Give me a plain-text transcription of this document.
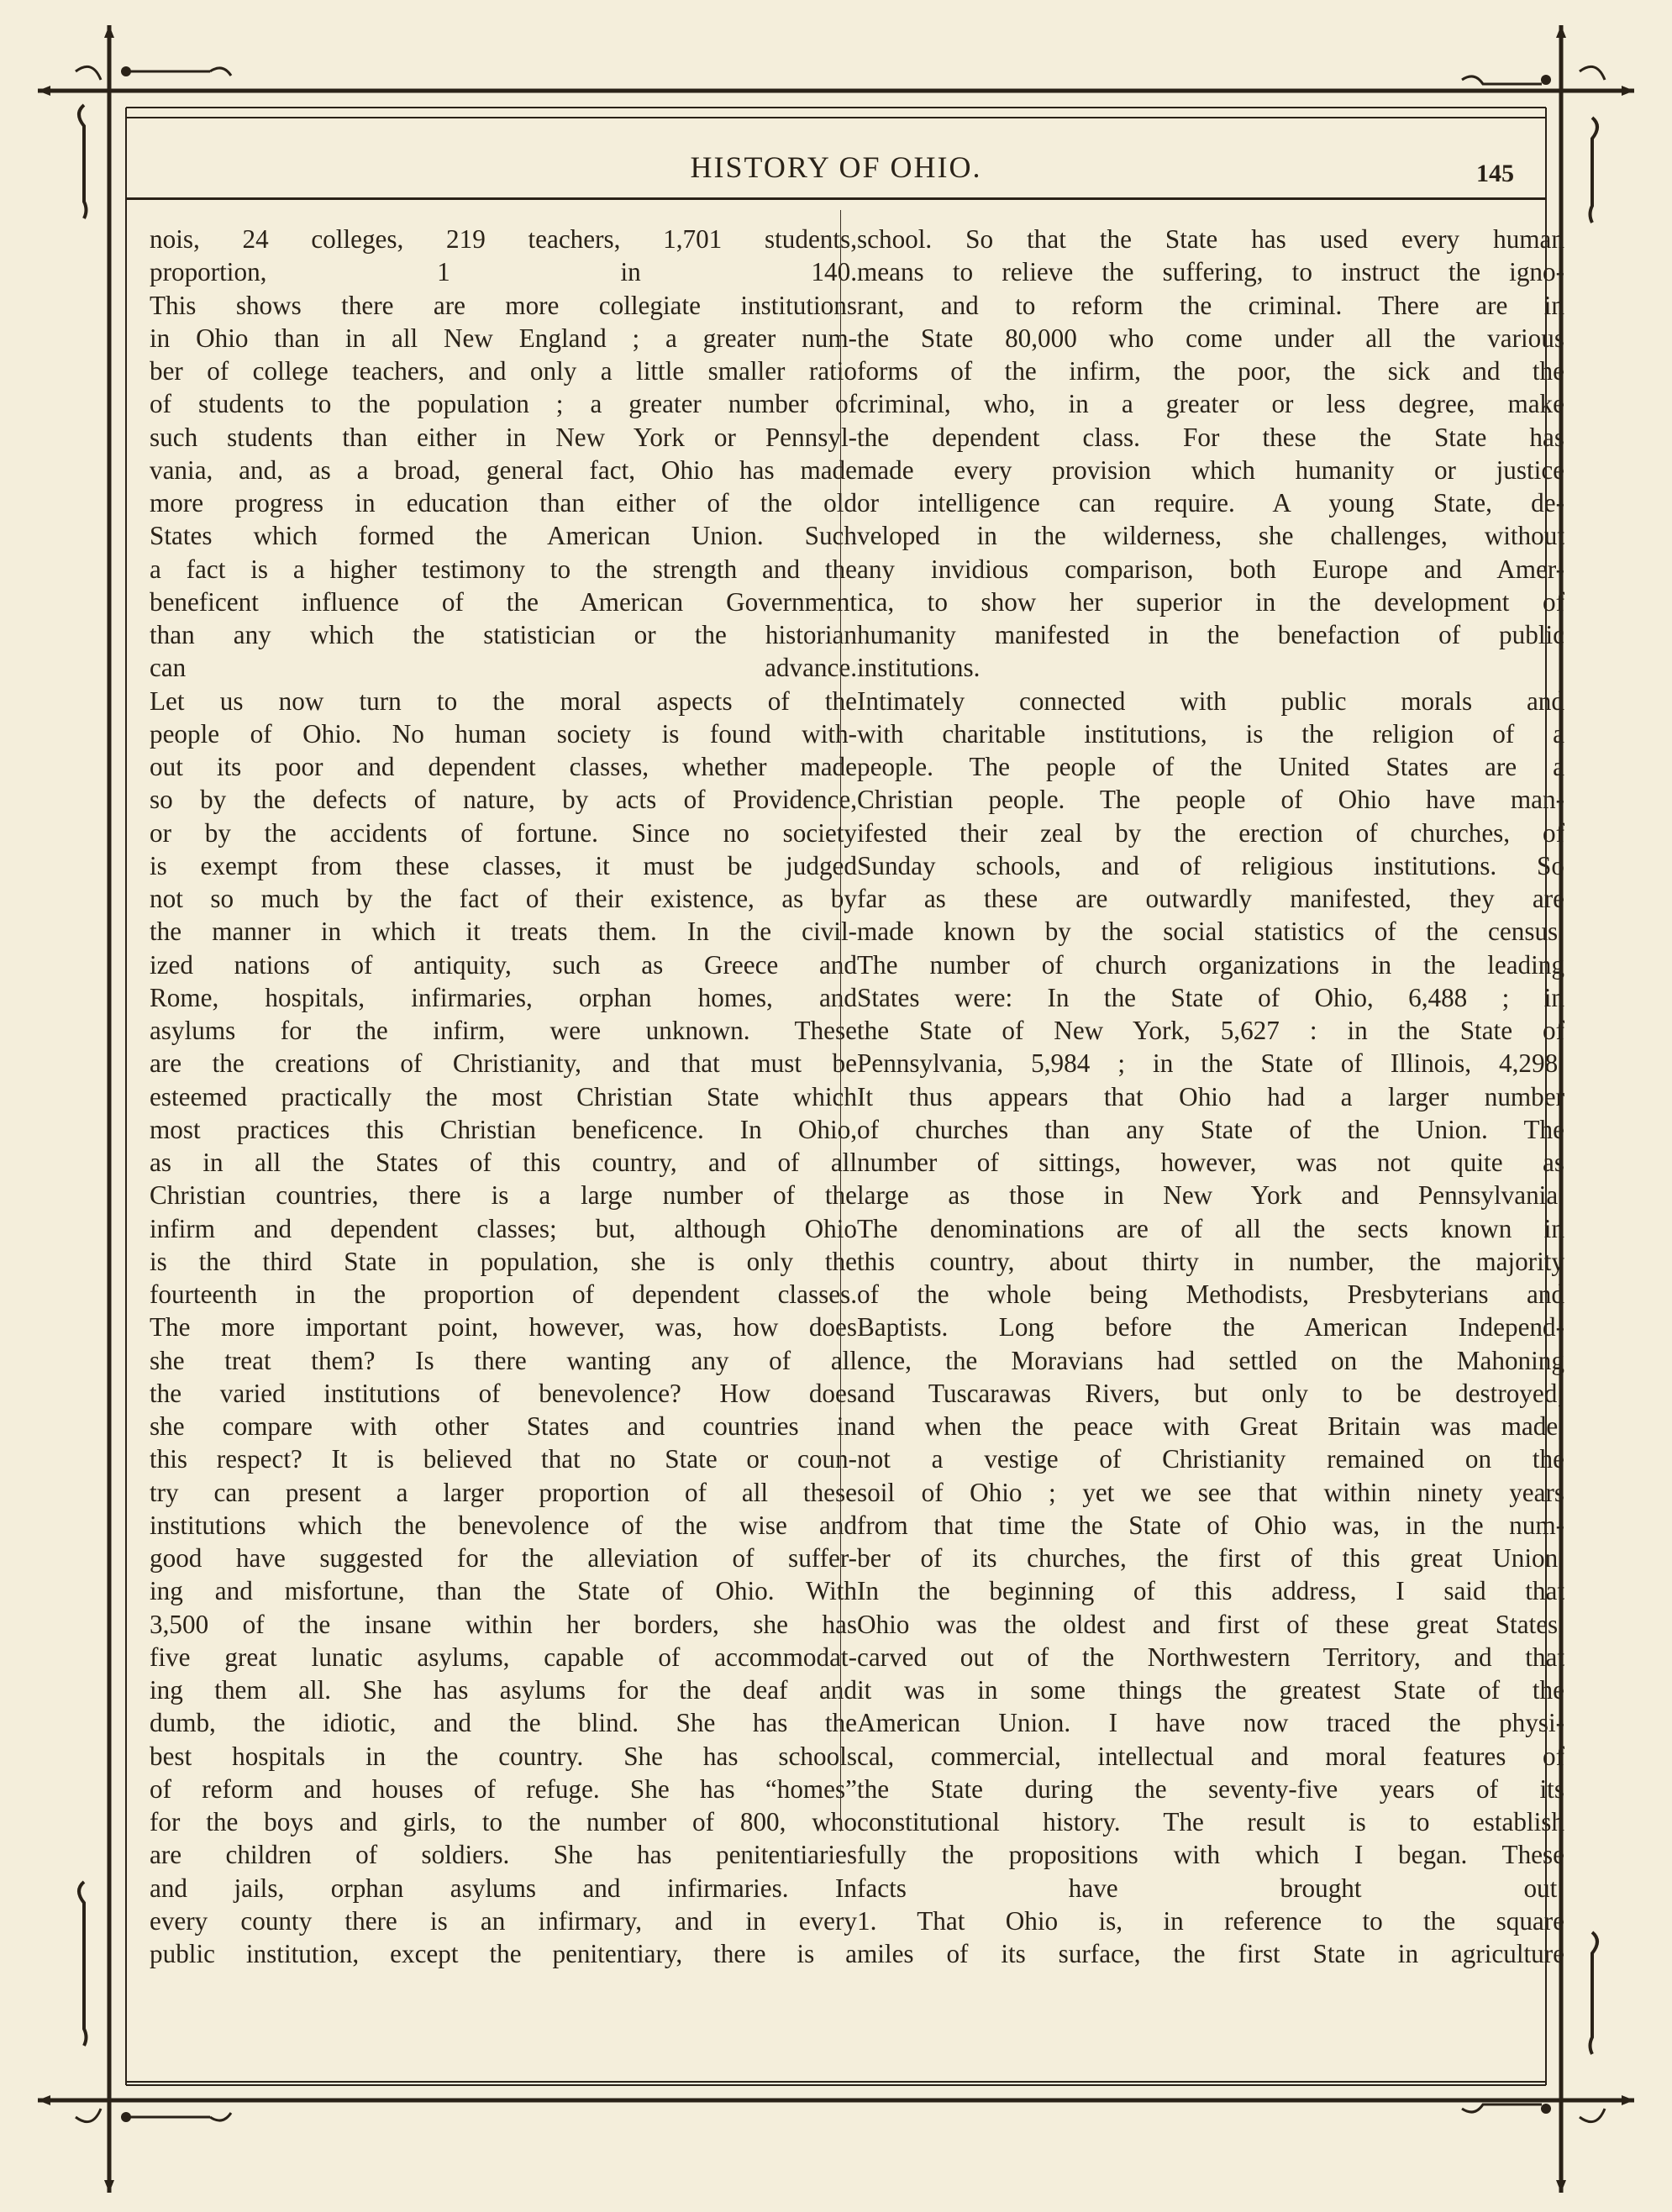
HISTORY OF OHIO.	145

nois, 24 colleges, 219 teachers, 1,701 students,

proportion, 1 in 140.

This shows there are more collegiate institutions

in Ohio than in all New England ; a greater num-

ber of college teachers, and only a little smaller ratio

of students to the population ; a greater number of

such students than either in New York or Pennsyl-

vania, and, as a broad, general fact, Ohio has made

more progress in education than either of the old

States which formed the American Union. Such

a fact is a higher testimony to the strength and the

beneficent influence of the American Government

than any which the statistician or the historian

can advance.

Let us now turn to the moral aspects of the

people of Ohio. No human society is found with-

out its poor and dependent classes, whether made

so by the defects of nature, by acts of Providence,

or by the accidents of fortune. Since no society

is exempt from these classes, it must be judged

not so much by the fact of their existence, as by

the manner in which it treats them. In the civil-

ized nations of antiquity, such as Greece and

Rome, hospitals, infirmaries, orphan homes, and

asylums for the infirm, were unknown. These

are the creations of Christianity, and that must be

esteemed practically the most Christian State which

most practices this Christian beneficence. In Ohio,

as in all the States of this country, and of all

Christian countries, there is a large number of the

infirm and dependent classes; but, although Ohio

is the third State in population, she is only the

fourteenth in the proportion of dependent classes.

The more important point, however, was, how does

she treat them? Is there wanting any of all

the varied institutions of benevolence? How does

she compare with other States and countries in

this respect? It is believed that no State or coun-

try can present a larger proportion of all these

institutions which the benevolence of the wise and

good have suggested for the alleviation of suffer-

ing and misfortune, than the State of Ohio. With

3,500 of the insane within her borders, she has

five great lunatic asylums, capable of accommodat-

ing them all. She has asylums for the deaf and

dumb, the idiotic, and the blind. She has the

best hospitals in the country. She has schools

of reform and houses of refuge. She has “homes”

for the boys and girls, to the number of 800, who

are children of soldiers. She has penitentiaries

and jails, orphan asylums and infirmaries. In

every county there is an infirmary, and in every

public institution, except the penitentiary, there is a

school. So that the State has used every human

means to relieve the suffering, to instruct the igno-

rant, and to reform the criminal. There are in

the State 80,000 who come under all the various

forms of the infirm, the poor, the sick and the

criminal, who, in a greater or less degree, make

the dependent class. For these the State has

made every provision which humanity or justice

or intelligence can require. A young State, de-

veloped in the wilderness, she challenges, without

any invidious comparison, both Europe and Amer-

ica, to show her superior in the development of

humanity manifested in the benefaction of public

institutions.

Intimately connected with public morals and

with charitable institutions, is the religion of a

people. The people of the United States are a

Christian people. The people of Ohio have man-

ifested their zeal by the erection of churches, of

Sunday schools, and of religious institutions. So

far as these are outwardly manifested, they are

made known by the social statistics of the census.

The number of church organizations in the leading

States were: In the State of Ohio, 6,488 ; in

the State of New York, 5,627 : in the State of

Pennsylvania, 5,984 ; in the State of Illinois, 4,298.

It thus appears that Ohio had a larger number

of churches than any State of the Union. The

number of sittings, however, was not quite as

large as those in New York and Pennsylvania.

The denominations are of all the sects known in

this country, about thirty in number, the majority

of the whole being Methodists, Presbyterians and

Baptists. Long before the American Independ-

ence, the Moravians had settled on the Mahoning

and Tuscarawas Rivers, but only to be destroyed;

and when the peace with Great Britain was made,

not a vestige of Christianity remained on the

soil of Ohio ; yet we see that within ninety years

from that time the State of Ohio was, in the num-

ber of its churches, the first of this great Union.

In the beginning of this address, I said that

Ohio was the oldest and first of these great States,

carved out of the Northwestern Territory, and that

it was in some things the greatest State of the

American Union. I have now traced the physi-

cal, commercial, intellectual and moral features of

the State during the seventy-five years of its

constitutional history. The result is to establish

fully the propositions with which I began. These

facts have brought out:

1. That Ohio is, in reference to the square

miles of its surface, the first State in agriculture
